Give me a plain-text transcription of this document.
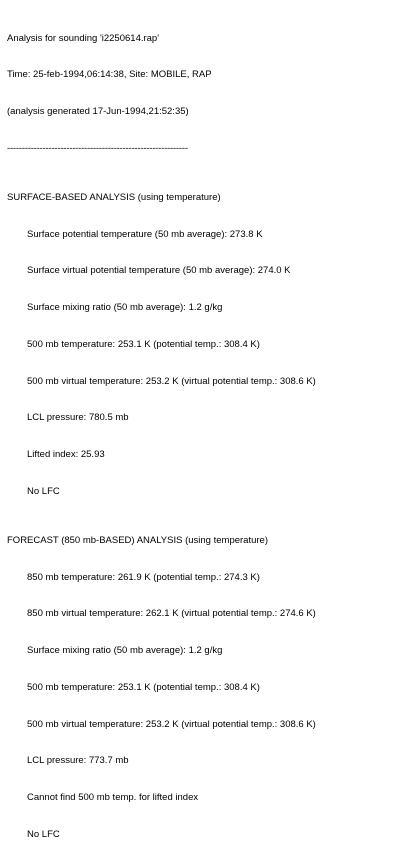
Analysis for sounding 'i2250614.rap'

Time: 25-feb-1994,06:14:38, Site: MOBILE, RAP

(analysis generated 17-Jun-1994,21:52:35)

-------------------------------------------------------------

SURFACE-BASED ANALYSIS (using temperature)

Surface potential temperature (50 mb average): 273.8 K

Surface virtual potential temperature (50 mb average): 274.0 K

Surface mixing ratio (50 mb average): 1.2 g/kg

500 mb temperature: 253.1 K (potential temp.: 308.4 K)

500 mb virtual temperature: 253.2 K (virtual potential temp.: 308.6 K)

LCL pressure: 780.5 mb

Lifted index: 25.93

No LFC

FORECAST (850 mb-BASED) ANALYSIS (using temperature)

850 mb temperature: 261.9 K (potential temp.: 274.3 K)

850 mb virtual temperature: 262.1 K (virtual potential temp.: 274.6 K)

Surface mixing ratio (50 mb average): 1.2 g/kg

500 mb temperature: 253.1 K (potential temp.: 308.4 K)

500 mb virtual temperature: 253.2 K (virtual potential temp.: 308.6 K)

LCL pressure: 773.7 mb

Cannot find 500 mb temp. for lifted index

No LFC
